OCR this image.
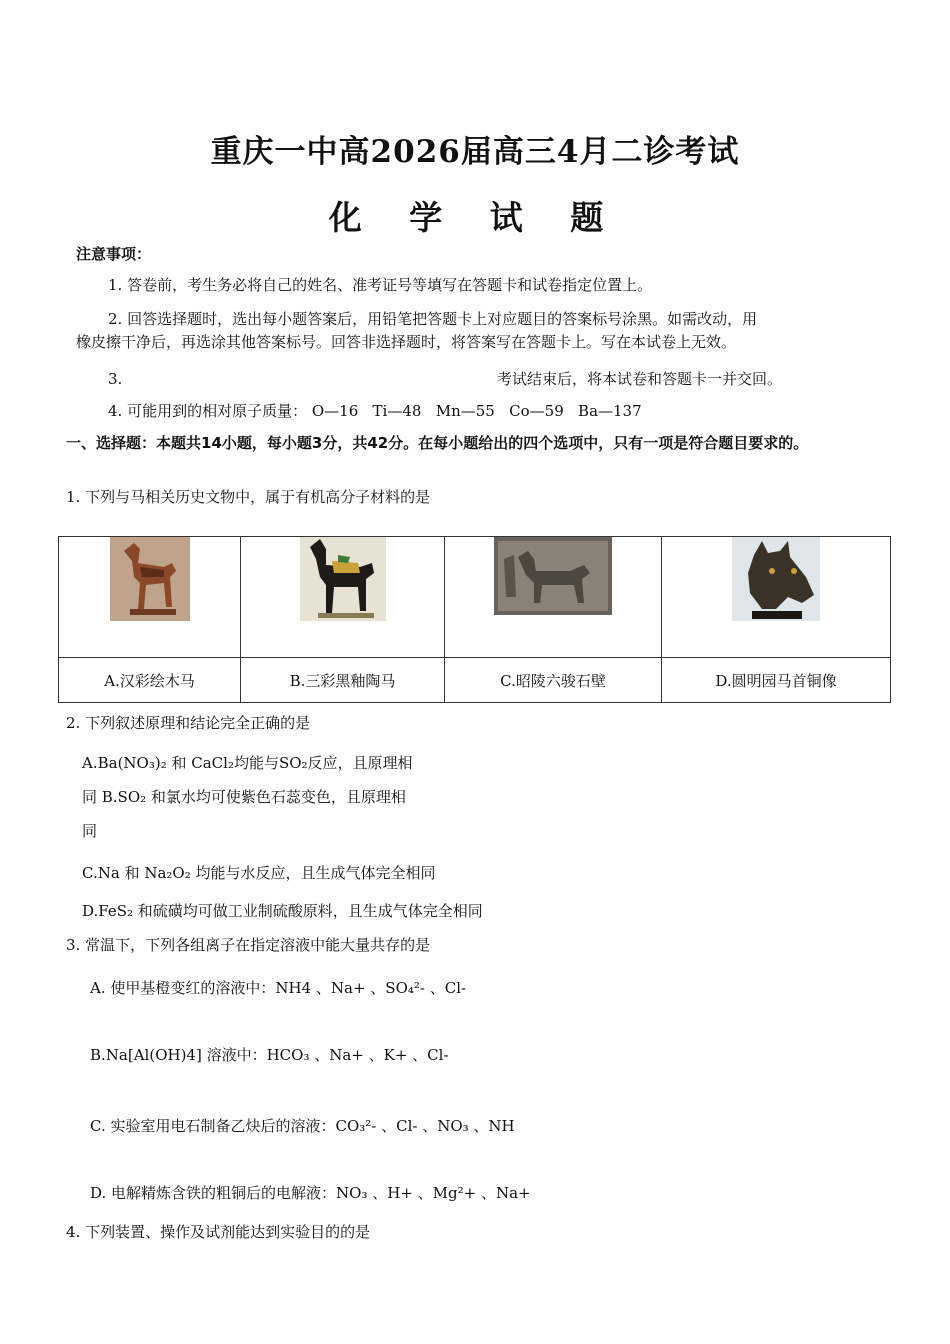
重庆一中高2026届高三4月二诊考试
化 学 试 题
注意事项：
1. 答卷前，考生务必将自己的姓名、准考证号等填写在答题卡和试卷指定位置上。
2. 回答选择题时，选出每小题答案后，用铅笔把答题卡上对应题目的答案标号涂黑。如需改动，用
橡皮擦干净后，再选涂其他答案标号。回答非选择题时，将答案写在答题卡上。写在本试卷上无效。
3.	考试结束后，将本试卷和答题卡一并交回。
4. 可能用到的相对原子质量： O—16   Ti—48   Mn—55   Co—59   Ba—137
一、选择题：本题共14小题，每小题3分，共42分。在每小题给出的四个选项中，只有一项是符合题目要求的。
1. 下列与马相关历史文物中，属于有机高分子材料的是

A.汉彩绘木马	B.三彩黑釉陶马	C.昭陵六骏石壁	D.圆明园马首铜像
2. 下列叙述原理和结论完全正确的是
A.Ba(NO₃)₂ 和 CaCl₂均能与SO₂反应，且原理相
同 B.SO₂ 和氯水均可使紫色石蕊变色，且原理相
同
C.Na 和 Na₂O₂ 均能与水反应，且生成气体完全相同
D.FeS₂ 和硫磺均可做工业制硫酸原料，且生成气体完全相同
3. 常温下，下列各组离子在指定溶液中能大量共存的是
A. 使甲基橙变红的溶液中：NH4 、Na+ 、SO₄²- 、Cl-
B.Na[Al(OH)4] 溶液中：HCO₃ 、Na+ 、K+ 、Cl-
C. 实验室用电石制备乙炔后的溶液：CO₃²- 、Cl- 、NO₃ 、NH
D. 电解精炼含铁的粗铜后的电解液：NO₃ 、H+ 、Mg²+ 、Na+
4. 下列装置、操作及试剂能达到实验目的的是
